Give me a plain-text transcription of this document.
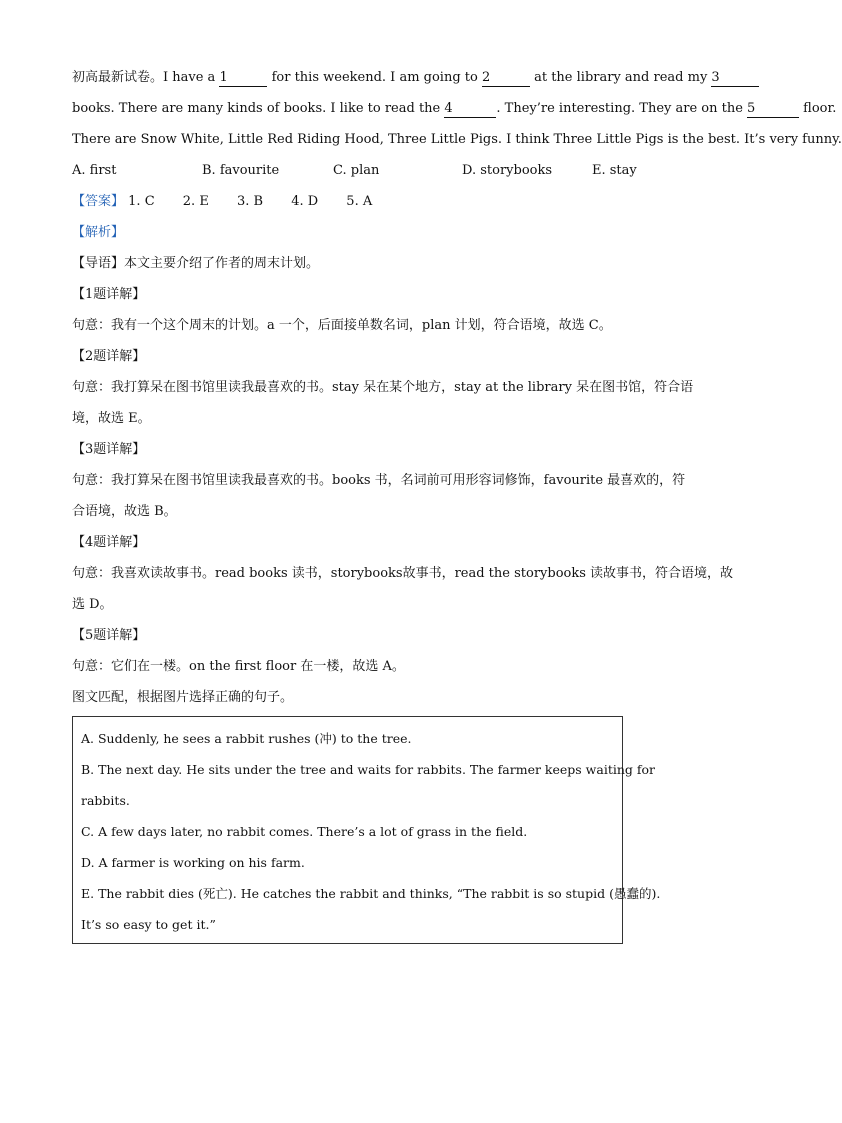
初高最新试卷。I have a 1	for this weekend. I am going to 2	at the library and read my 3
books. There are many kinds of books. I like to read the 4	. They’re interesting. They are on the 5	floor.
There are Snow White, Little Red Riding Hood, Three Little Pigs. I think Three Little Pigs is the best. It’s very funny.
A. first	B. favourite	C. plan	D. storybooks	E. stay
【答案】 1. C 2. E 3. B 4. D 5. A
【解析】
【导语】本文主要介绍了作者的周末计划。
【1题详解】
句意：我有一个这个周末的计划。a 一个，后面接单数名词，plan 计划，符合语境，故选 C。
【2题详解】
句意：我打算呆在图书馆里读我最喜欢的书。stay 呆在某个地方，stay at the library 呆在图书馆，符合语
境，故选 E。
【3题详解】
句意：我打算呆在图书馆里读我最喜欢的书。books 书，名词前可用形容词修饰，favourite 最喜欢的，符
合语境，故选 B。
【4题详解】
句意：我喜欢读故事书。read books 读书，storybooks故事书，read the storybooks 读故事书，符合语境，故
选 D。
【5题详解】
句意：它们在一楼。on the first floor 在一楼，故选 A。
图文匹配，根据图片选择正确的句子。
A. Suddenly, he sees a rabbit rushes (冲) to the tree.
B. The next day. He sits under the tree and waits for rabbits. The farmer keeps waiting for
rabbits.
C. A few days later, no rabbit comes. There’s a lot of grass in the field.
D. A farmer is working on his farm.
E. The rabbit dies (死亡). He catches the rabbit and thinks, “The rabbit is so stupid (愚蠢的).
It’s so easy to get it.”
